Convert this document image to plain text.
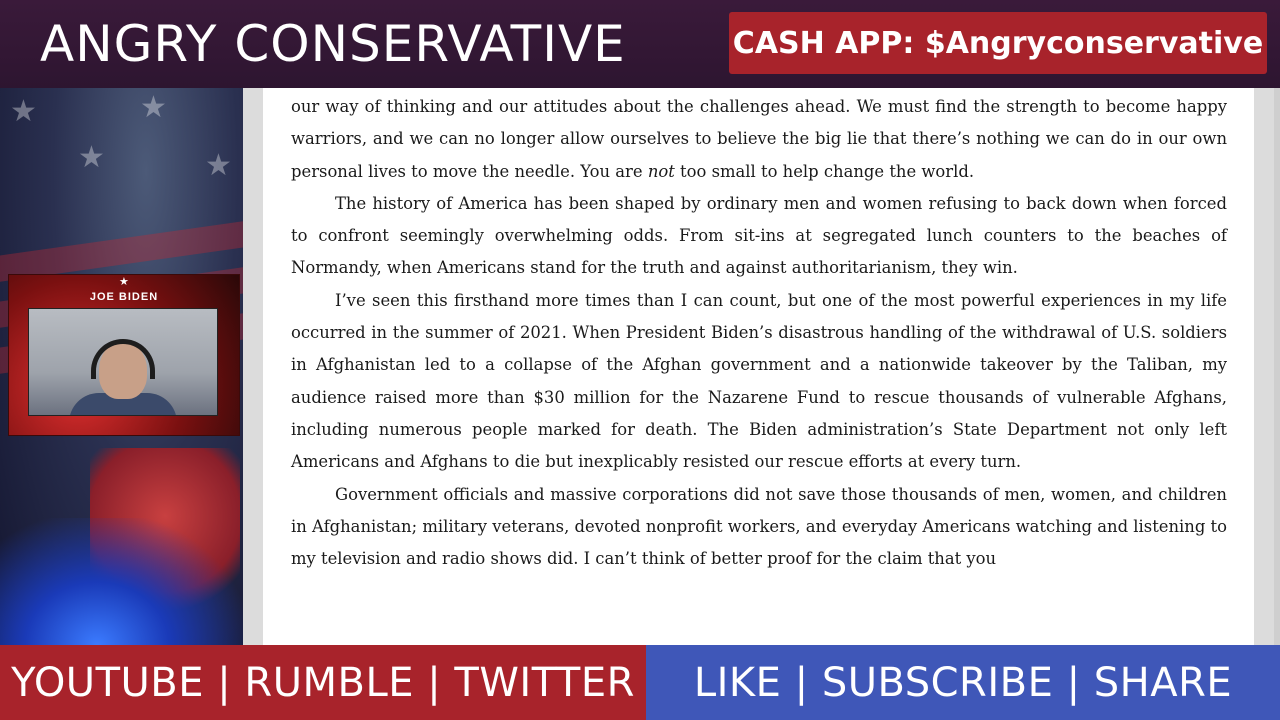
ANGRY CONSERVATIVE	CASH APP: $Angryconservative
★
★
★
★
★
JOE BIDEN

our way of thinking and our attitudes about the challenges ahead. We must find the strength to become happy warriors, and we can no longer allow ourselves to believe the big lie that there’s nothing we can do in our own personal lives to move the needle. You are not too small to help change the world.

The history of America has been shaped by ordinary men and women refusing to back down when forced to confront seemingly overwhelming odds. From sit-ins at segregated lunch counters to the beaches of Normandy, when Americans stand for the truth and against authoritarianism, they win.

I’ve seen this firsthand more times than I can count, but one of the most powerful experiences in my life occurred in the summer of 2021. When President Biden’s disastrous handling of the withdrawal of U.S. soldiers in Afghanistan led to a collapse of the Afghan government and a nationwide takeover by the Taliban, my audience raised more than $30 million for the Nazarene Fund to rescue thousands of vulnerable Afghans, including numerous people marked for death. The Biden administration’s State Department not only left Americans and Afghans to die but inexplicably resisted our rescue efforts at every turn.

Government officials and massive corporations did not save those thousands of men, women, and children in Afghanistan; military veterans, devoted nonprofit workers, and everyday Americans watching and listening to my television and radio shows did. I can’t think of better proof for the claim that you

YOUTUBE | RUMBLE | TWITTER LIKE | SUBSCRIBE | SHARE
